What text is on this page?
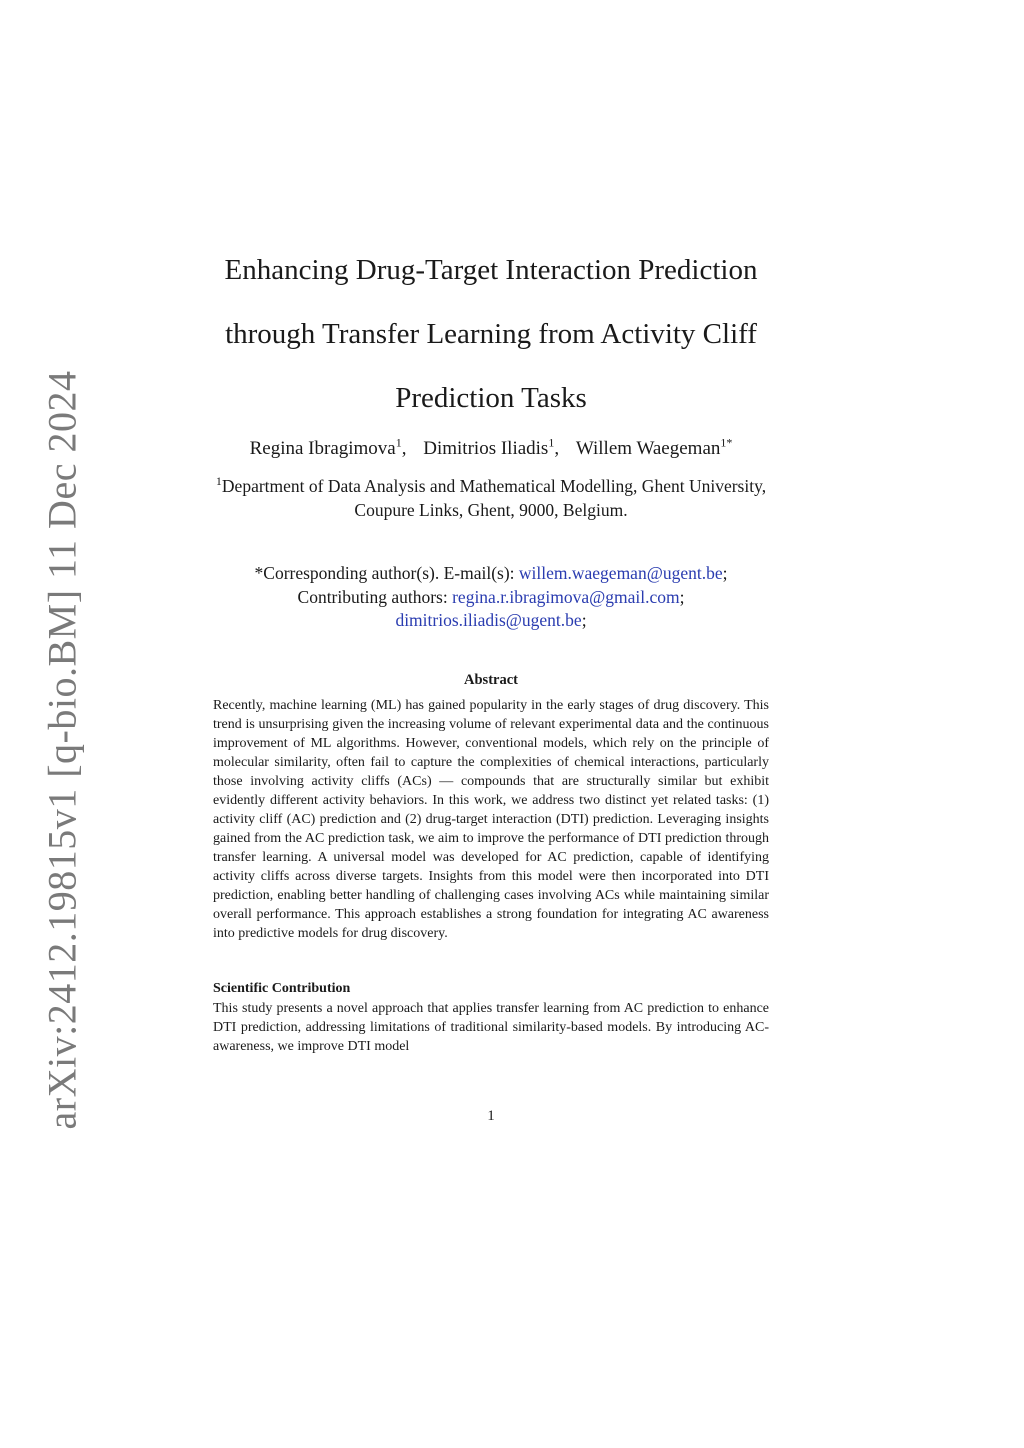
arXiv:2412.19815v1 [q-bio.BM] 11 Dec 2024
Enhancing Drug-Target Interaction Prediction through Transfer Learning from Activity Cliff Prediction Tasks
Regina Ibragimova$^1$, Dimitrios Iliadis$^1$, Willem Waegeman$^{1*}$

$^1$Department of Data Analysis and Mathematical Modelling, Ghent University, Coupure Links, Ghent, 9000, Belgium.

*Corresponding author(s). E-mail(s): willem.waegeman@ugent.be;
Contributing authors: regina.r.ibragimova@gmail.com;
dimitrios.iliadis@ugent.be;
Abstract

Recently, machine learning (ML) has gained popularity in the early stages of drug discovery. This trend is unsurprising given the increasing volume of relevant experimental data and the continuous improvement of ML algorithms. However, conventional models, which rely on the principle of molecular similarity, often fail to capture the complexities of chemical interactions, particularly those involving activity cliffs (ACs) — compounds that are structurally similar but exhibit evidently different activity behaviors. In this work, we address two distinct yet related tasks: (1) activity cliff (AC) prediction and (2) drug-target interaction (DTI) prediction. Leveraging insights gained from the AC prediction task, we aim to improve the performance of DTI prediction through transfer learning. A universal model was developed for AC prediction, capable of identifying activity cliffs across diverse targets. Insights from this model were then incorporated into DTI prediction, enabling better handling of challenging cases involving ACs while maintaining similar overall performance. This approach establishes a strong foundation for integrating AC awareness into predictive models for drug discovery.

Scientific Contribution

This study presents a novel approach that applies transfer learning from AC prediction to enhance DTI prediction, addressing limitations of traditional similarity-based models. By introducing AC-awareness, we improve DTI model

1
